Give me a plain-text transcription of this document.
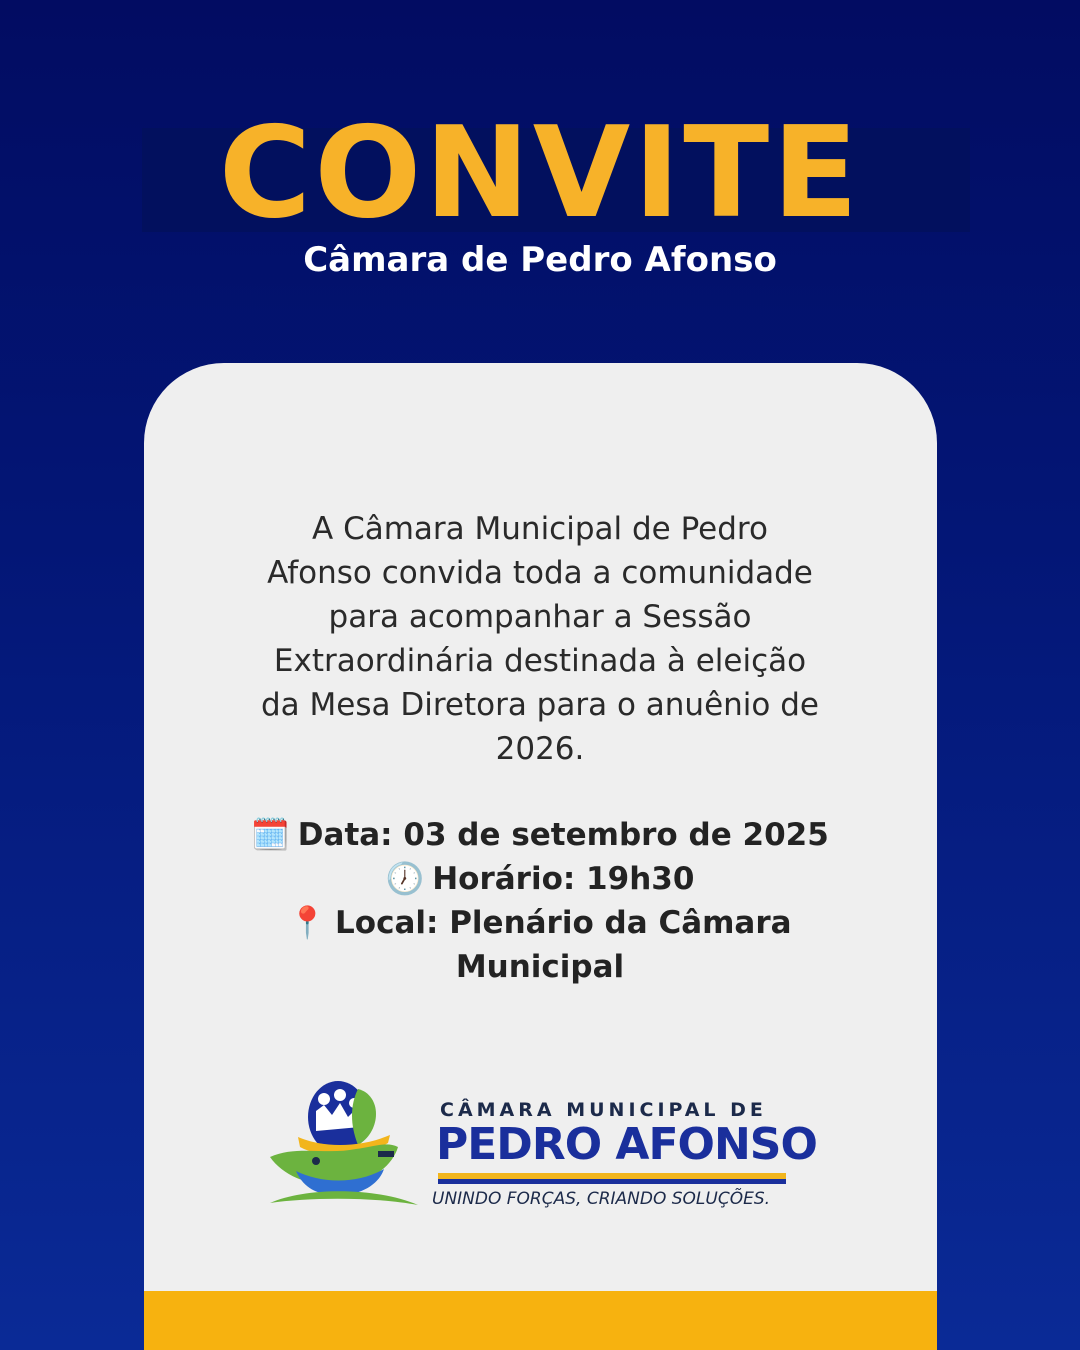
CONVITE
Câmara de Pedro Afonso
A Câmara Municipal de Pedro
Afonso convida toda a comunidade
para acompanhar a Sessão
Extraordinária destinada à eleição
da Mesa Diretora para o anuênio de
2026.
🗓️ Data: 03 de setembro de 2025
🕖 Horário: 19h30
📍 Local: Plenário da Câmara
Municipal
CÂMARA MUNICIPAL DE
PEDRO AFONSO
UNINDO FORÇAS, CRIANDO SOLUÇÕES.
